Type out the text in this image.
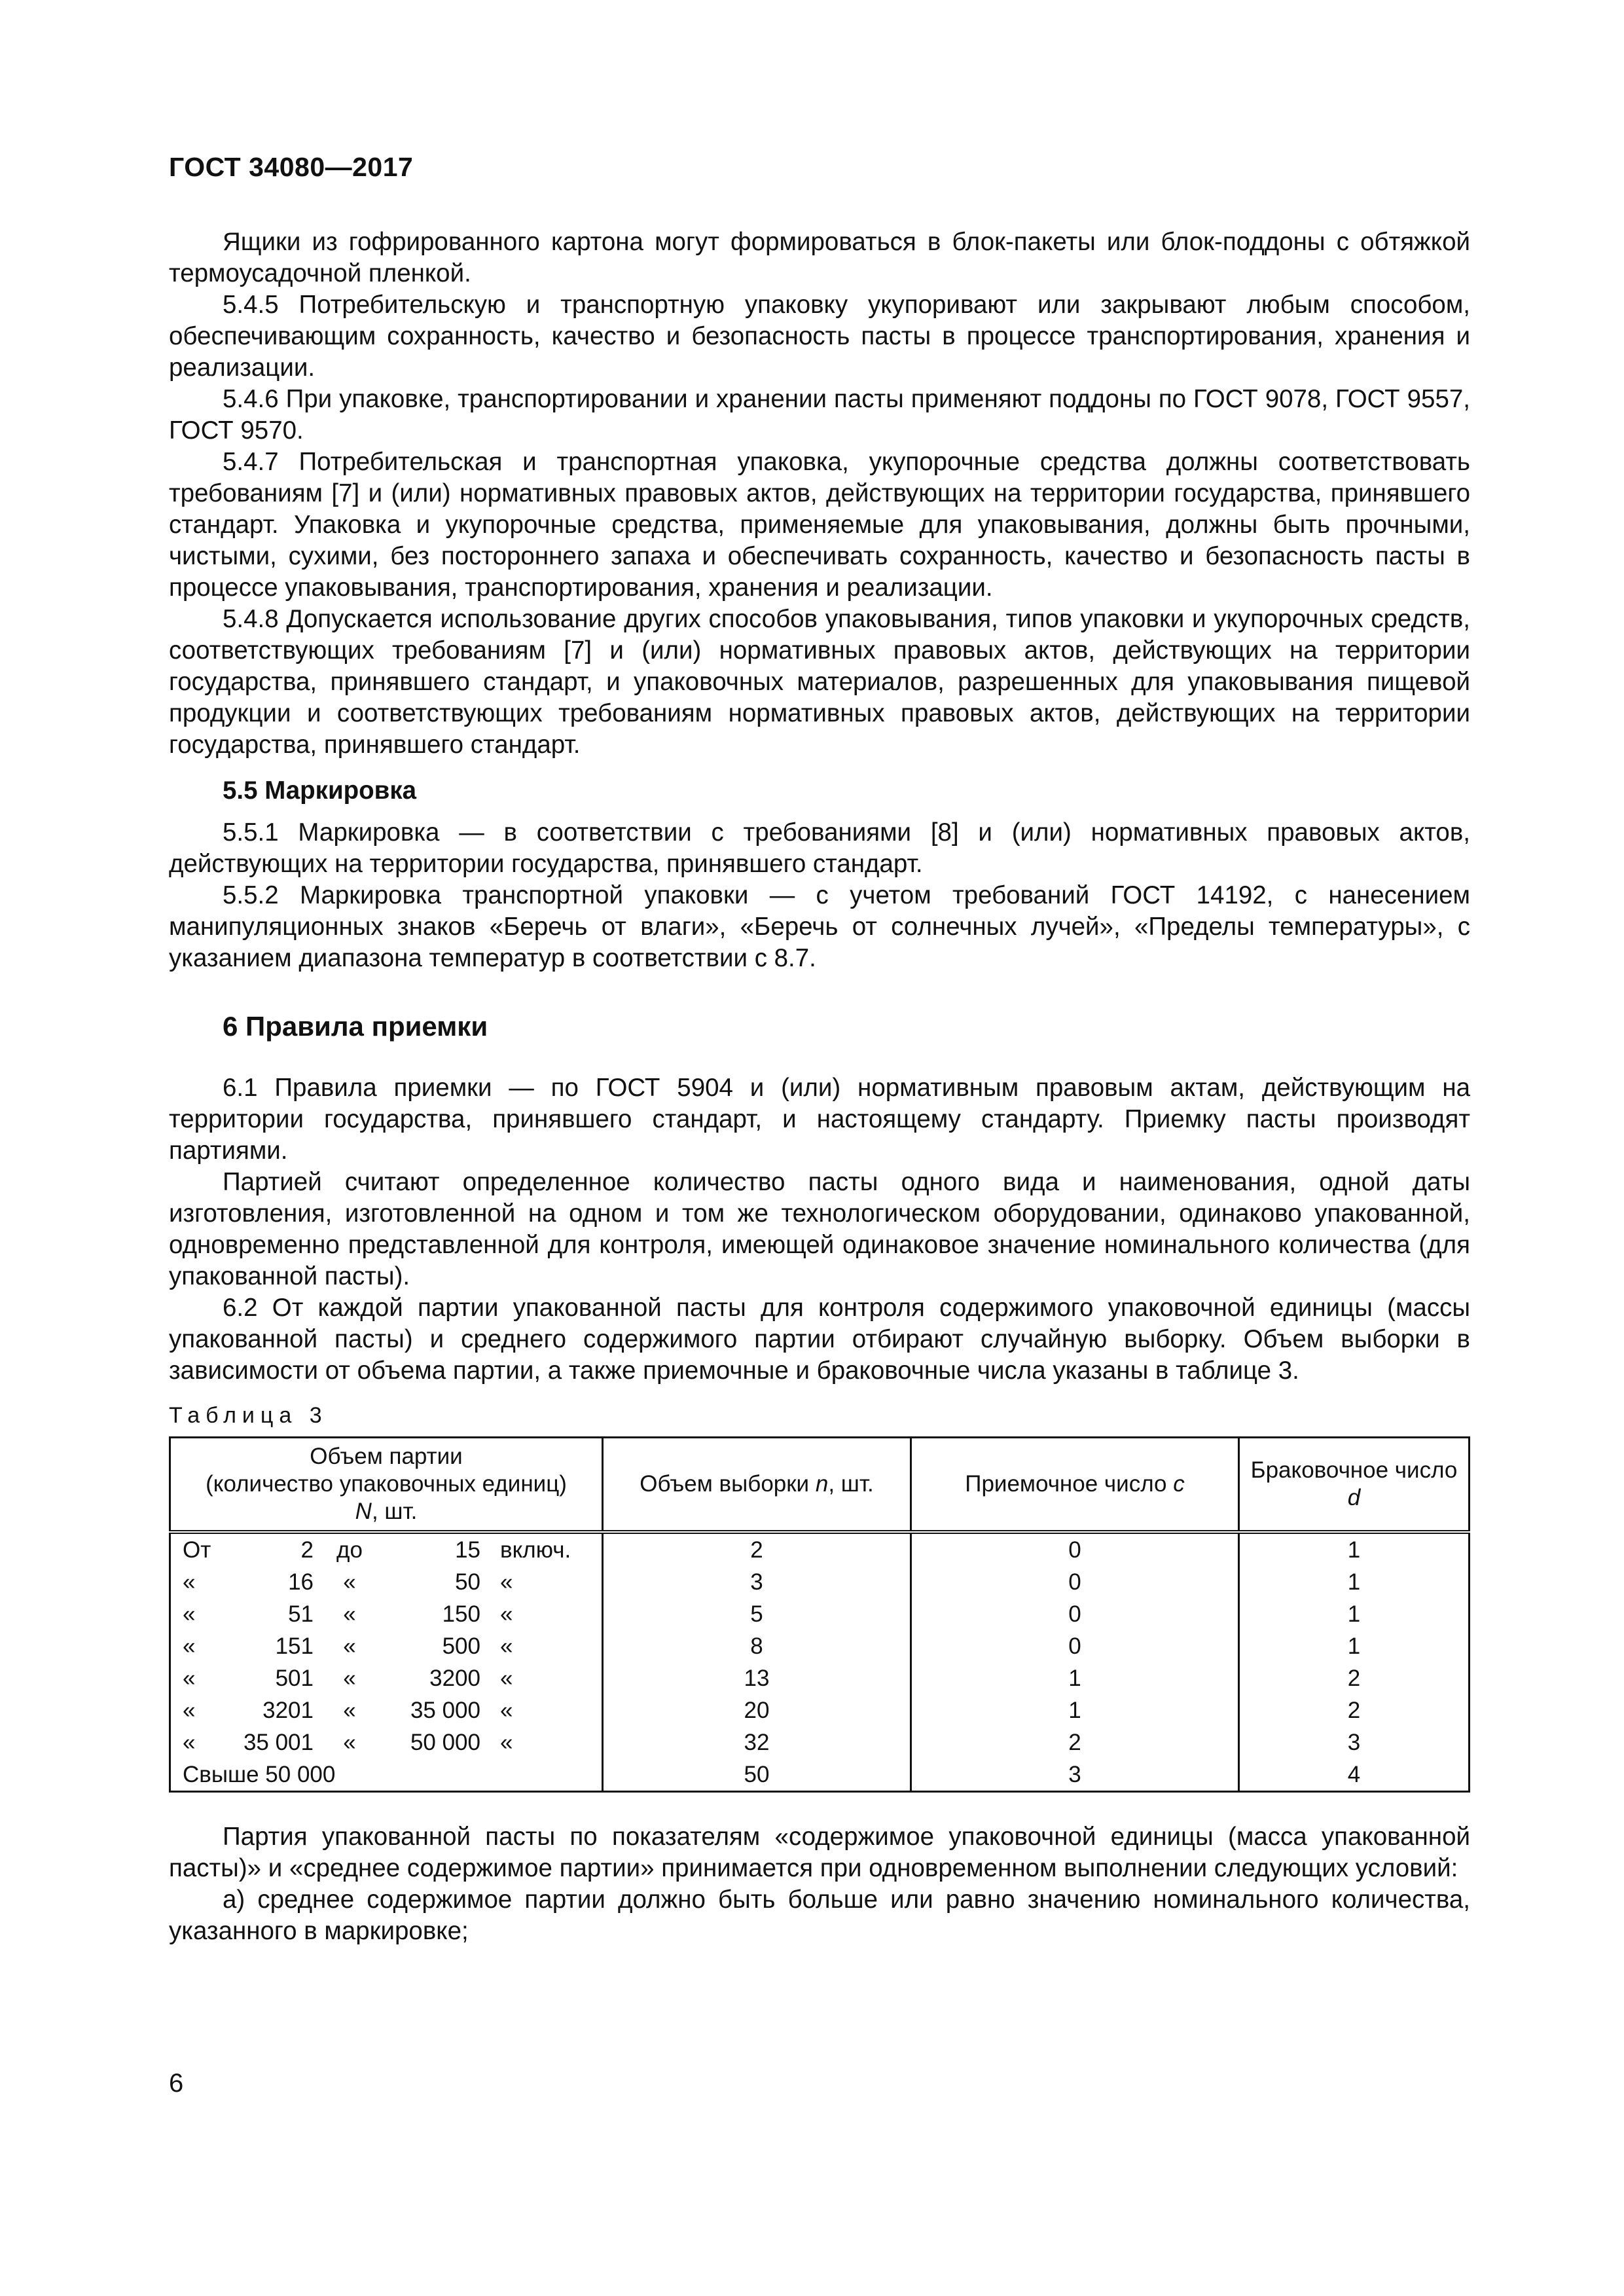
ГОСТ 34080—2017

Ящики из гофрированного картона могут формироваться в блок-пакеты или блок-поддоны с обтяжкой термоусадочной пленкой.

5.4.5 Потребительскую и транспортную упаковку укупоривают или закрывают любым способом, обеспечивающим сохранность, качество и безопасность пасты в процессе транспортирования, хранения и реализации.

5.4.6 При упаковке, транспортировании и хранении пасты применяют поддоны по ГОСТ 9078, ГОСТ 9557, ГОСТ 9570.

5.4.7 Потребительская и транспортная упаковка, укупорочные средства должны соответствовать требованиям [7] и (или) нормативных правовых актов, действующих на территории государства, принявшего стандарт. Упаковка и укупорочные средства, применяемые для упаковывания, должны быть прочными, чистыми, сухими, без постороннего запаха и обеспечивать сохранность, качество и безопасность пасты в процессе упаковывания, транспортирования, хранения и реализации.

5.4.8 Допускается использование других способов упаковывания, типов упаковки и укупорочных средств, соответствующих требованиям [7] и (или) нормативных правовых актов, действующих на территории государства, принявшего стандарт, и упаковочных материалов, разрешенных для упаковывания пищевой продукции и соответствующих требованиям нормативных правовых актов, действующих на территории государства, принявшего стандарт.

5.5 Маркировка

5.5.1 Маркировка — в соответствии с требованиями [8] и (или) нормативных правовых актов, действующих на территории государства, принявшего стандарт.

5.5.2 Маркировка транспортной упаковки — с учетом требований ГОСТ 14192, с нанесением манипуляционных знаков «Беречь от влаги», «Беречь от солнечных лучей», «Пределы температуры», с указанием диапазона температур в соответствии с 8.7.

6 Правила приемки

6.1 Правила приемки — по ГОСТ 5904 и (или) нормативным правовым актам, действующим на территории государства, принявшего стандарт, и настоящему стандарту. Приемку пасты производят партиями.

Партией считают определенное количество пасты одного вида и наименования, одной даты изготовления, изготовленной на одном и том же технологическом оборудовании, одинаково упакованной, одновременно представленной для контроля, имеющей одинаковое значение номинального количества (для упакованной пасты).

6.2 От каждой партии упакованной пасты для контроля содержимого упаковочной единицы (массы упакованной пасты) и среднего содержимого партии отбирают случайную выборку. Объем выборки в зависимости от объема партии, а также приемочные и браковочные числа указаны в таблице 3.

Таблица 3
Объем партии
(количество упаковочных единиц)
N, шт.	Объем выборки n, шт.	Приемочное число c	Браковочное число d

От 2 до 15 включ.	2	0	1

« 16 « 50 «	3	0	1

« 51 « 150 «	5	0	1

« 151 « 500 «	8	0	1

« 501 « 3200 «	13	1	2

« 3201 « 35 000 «	20	1	2

« 35 001 « 50 000 «	32	2	3
Свыше 50 000	50	3	4

Партия упакованной пасты по показателям «содержимое упаковочной единицы (масса упакованной пасты)» и «среднее содержимое партии» принимается при одновременном выполнении следующих условий:

а) среднее содержимое партии должно быть больше или равно значению номинального количества, указанного в маркировке;

6
